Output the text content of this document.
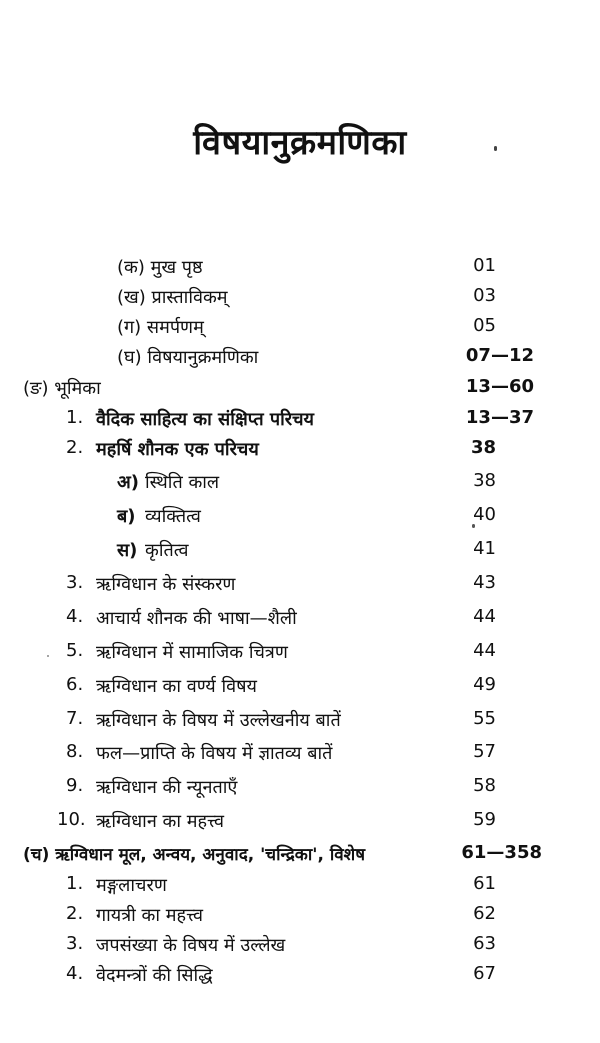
विषयानुक्रमणिका
(क) मुख पृष्ठ	01
(ख) प्रास्ताविकम्	03
(ग) समर्पणम्	05
(घ) विषयानुक्रमणिका	07—12
(ङ) भूमिका	13—60
1. वैदिक साहित्य का संक्षिप्त परिचय	13—37
2. महर्षि शौनक एक परिचय	38
अ) स्थिति काल	38
ब) व्यक्तित्व	40
स) कृतित्व	41
3. ऋग्विधान के संस्करण	43
4. आचार्य शौनक की भाषा—शैली	44
5. ऋग्विधान में सामाजिक चित्रण	44
6. ऋग्विधान का वर्ण्य विषय	49
7. ऋग्विधान के विषय में उल्लेखनीय बातें	55
8. फल—प्राप्ति के विषय में ज्ञातव्य बातें	57
9. ऋग्विधान की न्यूनताएँ	58
10. ऋग्विधान का महत्त्व	59
(च) ऋग्विधान मूल, अन्वय, अनुवाद, 'चन्द्रिका', विशेष	61—358
1. मङ्गलाचरण	61
2. गायत्री का महत्त्व	62
3. जपसंख्या के विषय में उल्लेख	63
4. वेदमन्त्रों की सिद्धि	67
